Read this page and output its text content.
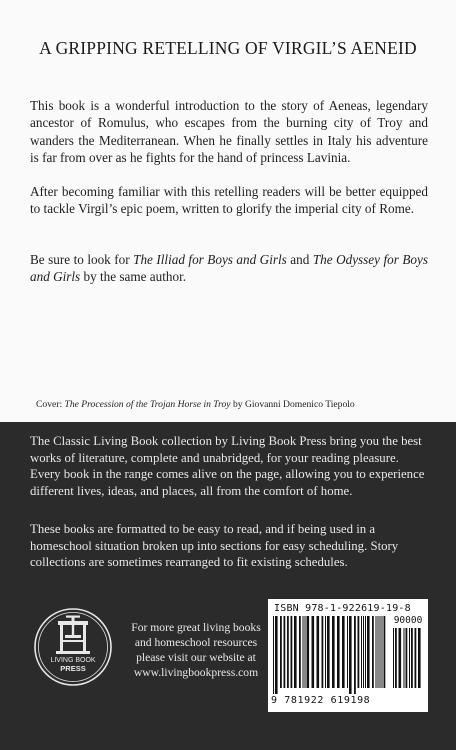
A GRIPPING RETELLING OF VIRGIL’S AENEID

This book is a wonderful introduction to the story of Aeneas, legendary ancestor of Romulus, who escapes from the burning city of Troy and wanders the Mediterranean. When he finally settles in Italy his adventure is far from over as he fights for the hand of princess Lavinia.

After becoming familiar with this retelling readers will be better equipped to tackle Virgil’s epic poem, written to glorify the imperial city of Rome.

Be sure to look for The Illiad for Boys and Girls and The Odyssey for Boys and Girls by the same author.

Cover: The Procession of the Trojan Horse in Troy by Giovanni Domenico Tiepolo

The Classic Living Book collection by Living Book Press bring you the best works of literature, complete and unabridged, for your reading pleasure. Every book in the range comes alive on the page, allowing you to experience different lives, ideas, and places, all from the comfort of home.

These books are formatted to be easy to read, and if being used in a homeschool situation broken up into sections for easy scheduling. Story collections are sometimes rearranged to fit existing schedules.

LIVING BOOK
PRESS
For more great living books and homeschool resources please visit our website at www.livingbookpress.com
ISBN 978-1-922619-19-8
90000
9 781922 619198
